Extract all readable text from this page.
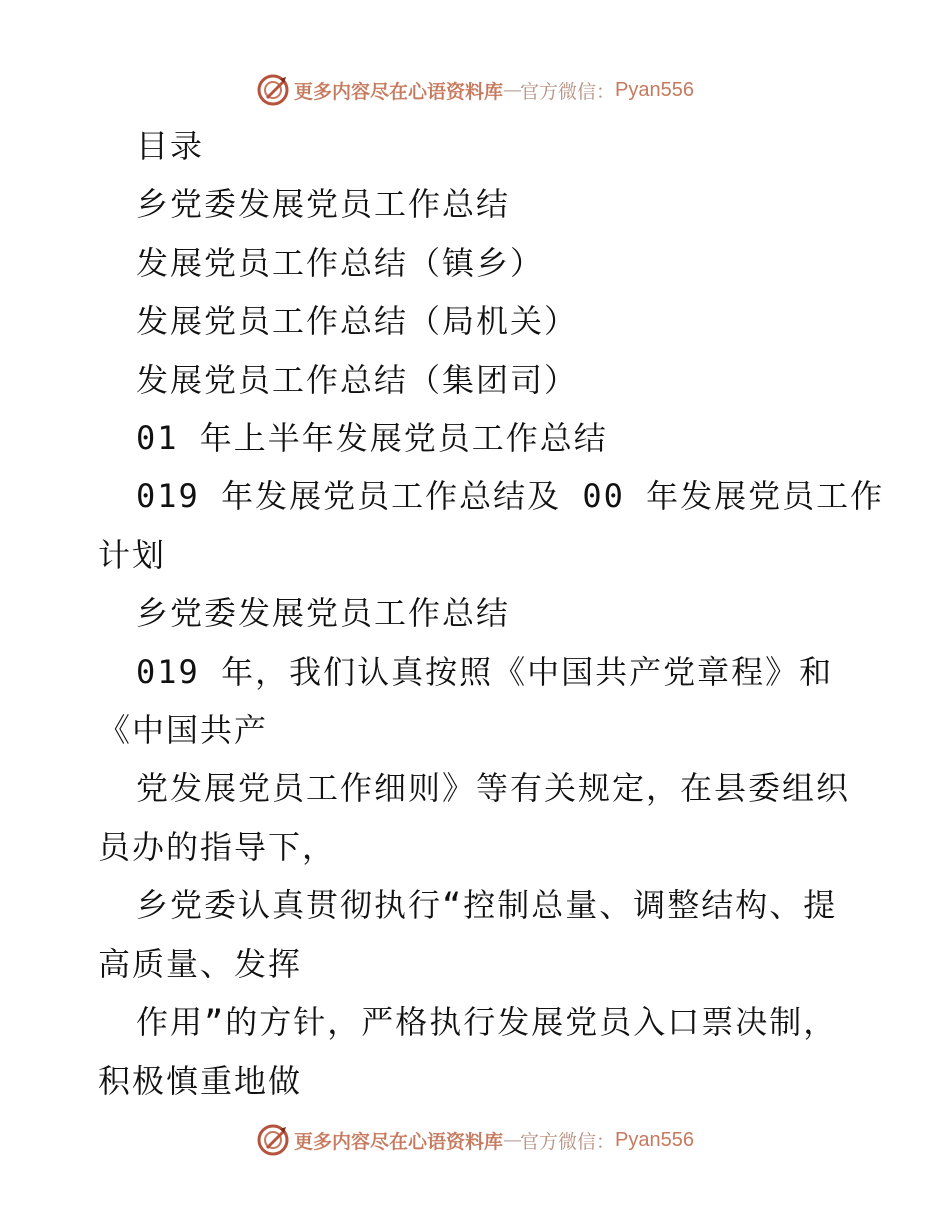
更多内容尽在心语资料库 — 官方微信： Pyan556
目录
乡党委发展党员工作总结
发展党员工作总结（镇乡）
发展党员工作总结（局机关）
发展党员工作总结（集团司）
01 年上半年发展党员工作总结
019 年发展党员工作总结及 00 年发展党员工作
计划
乡党委发展党员工作总结
019 年，我们认真按照《中国共产党章程》和
《中国共产
党发展党员工作细则》等有关规定，在县委组织
员办的指导下，
乡党委认真贯彻执行“控制总量、调整结构、提
高质量、发挥
作用”的方针，严格执行发展党员入口票决制，
积极慎重地做
更多内容尽在心语资料库 — 官方微信： Pyan556
